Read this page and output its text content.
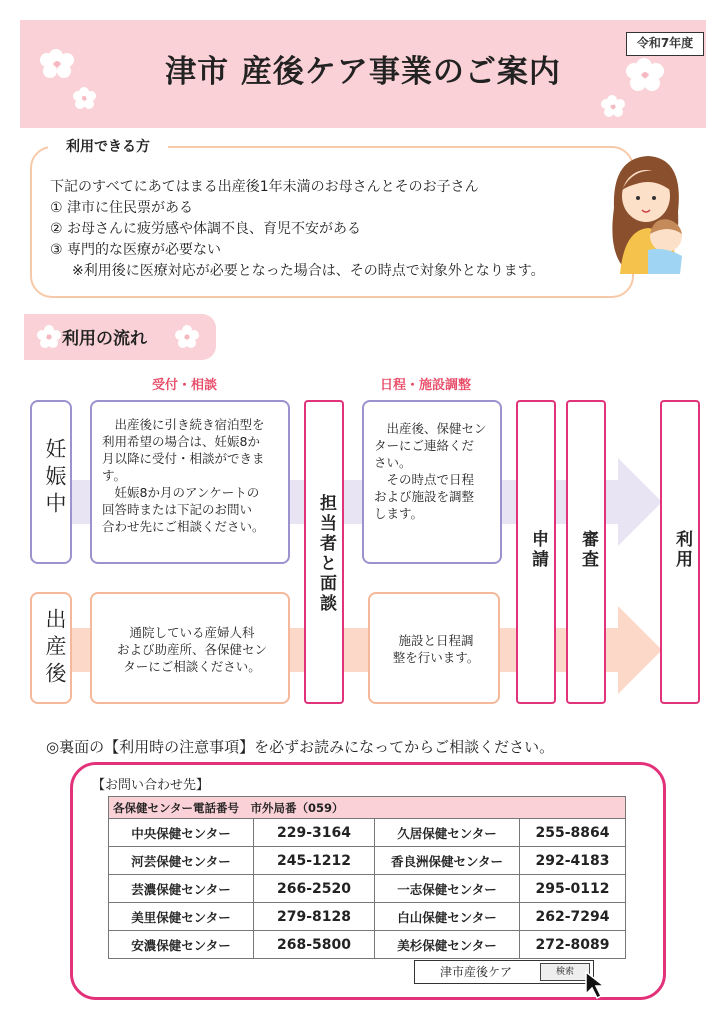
津市 産後ケア事業のご案内
令和7年度
利用できる方
下記のすべてにあてはまる出産後1年未満のお母さんとそのお子さん
① 津市に住民票がある
② お母さんに疲労感や体調不良、育児不安がある
③ 専門的な医療が必要ない
※利用後に医療対応が必要となった場合は、その時点で対象外となります。
利用の流れ
受付・相談	日程・施設調整
妊娠中
出産後
　出産後に引き続き宿泊型を
利用希望の場合は、妊娠8か
月以降に受付・相談ができま
す。
　妊娠8か月のアンケートの
回答時または下記のお問い
合わせ先にご相談ください。	担当者と面談
　出産後、保健セン
ターにご連絡くだ
さい。
　その時点で日程
および施設を調整
します。
申請 審査	利用
通院している産婦人科
および助産所、各保健セン
ターにご相談ください。
施設と日程調
整を行います。
◎裏面の【利用時の注意事項】を必ずお読みになってからご相談ください。
【お問い合わせ先】
各保健センター電話番号　市外局番（059）			
中央保健センター	229-3164	久居保健センター	255-8864
河芸保健センター	245-1212	香良洲保健センター	292-4183
芸濃保健センター	266-2520	一志保健センター	295-0112
美里保健センター	279-8128	白山保健センター	262-7294
安濃保健センター	268-5800	美杉保健センター	272-8089
津市産後ケア	検索
